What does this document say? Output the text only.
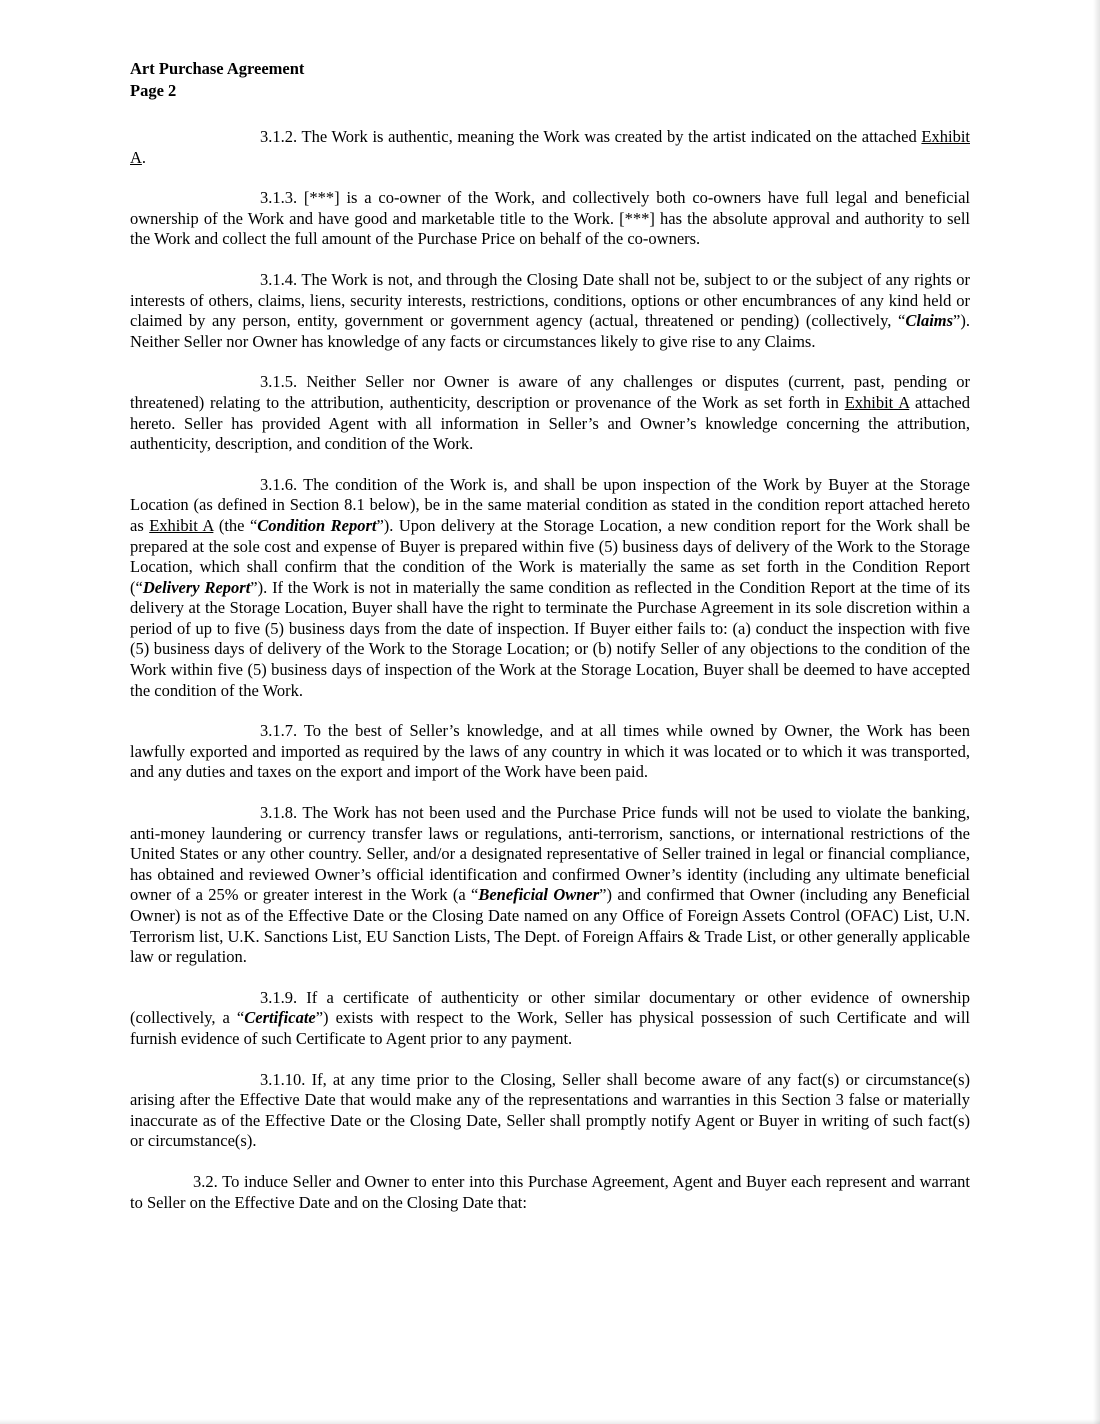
Art Purchase Agreement
Page 2

3.1.2. The Work is authentic, meaning the Work was created by the artist indicated on the attached Exhibit A.

3.1.3. [***] is a co-owner of the Work, and collectively both co-owners have full legal and beneficial ownership of the Work and have good and marketable title to the Work. [***] has the absolute approval and authority to sell the Work and collect the full amount of the Purchase Price on behalf of the co-owners.

3.1.4. The Work is not, and through the Closing Date shall not be, subject to or the subject of any rights or interests of others, claims, liens, security interests, restrictions, conditions, options or other encumbrances of any kind held or claimed by any person, entity, government or government agency (actual, threatened or pending) (collectively, “Claims”). Neither Seller nor Owner has knowledge of any facts or circumstances likely to give rise to any Claims.

3.1.5. Neither Seller nor Owner is aware of any challenges or disputes (current, past, pending or threatened) relating to the attribution, authenticity, description or provenance of the Work as set forth in Exhibit A attached hereto. Seller has provided Agent with all information in Seller’s and Owner’s knowledge concerning the attribution, authenticity, description, and condition of the Work.

3.1.6. The condition of the Work is, and shall be upon inspection of the Work by Buyer at the Storage Location (as defined in Section 8.1 below), be in the same material condition as stated in the condition report attached hereto as Exhibit A (the “Condition Report”). Upon delivery at the Storage Location, a new condition report for the Work shall be prepared at the sole cost and expense of Buyer is prepared within five (5) business days of delivery of the Work to the Storage Location, which shall confirm that the condition of the Work is materially the same as set forth in the Condition Report (“Delivery Report”). If the Work is not in materially the same condition as reflected in the Condition Report at the time of its delivery at the Storage Location, Buyer shall have the right to terminate the Purchase Agreement in its sole discretion within a period of up to five (5) business days from the date of inspection. If Buyer either fails to: (a) conduct the inspection with five (5) business days of delivery of the Work to the Storage Location; or (b) notify Seller of any objections to the condition of the Work within five (5) business days of inspection of the Work at the Storage Location, Buyer shall be deemed to have accepted the condition of the Work.

3.1.7. To the best of Seller’s knowledge, and at all times while owned by Owner, the Work has been lawfully exported and imported as required by the laws of any country in which it was located or to which it was transported, and any duties and taxes on the export and import of the Work have been paid.

3.1.8. The Work has not been used and the Purchase Price funds will not be used to violate the banking, anti-money laundering or currency transfer laws or regulations, anti-terrorism, sanctions, or international restrictions of the United States or any other country. Seller, and/or a designated representative of Seller trained in legal or financial compliance, has obtained and reviewed Owner’s official identification and confirmed Owner’s identity (including any ultimate beneficial owner of a 25% or greater interest in the Work (a “Beneficial Owner”) and confirmed that Owner (including any Beneficial Owner) is not as of the Effective Date or the Closing Date named on any Office of Foreign Assets Control (OFAC) List, U.N. Terrorism list, U.K. Sanctions List, EU Sanction Lists, The Dept. of Foreign Affairs & Trade List, or other generally applicable law or regulation.

3.1.9. If a certificate of authenticity or other similar documentary or other evidence of ownership (collectively, a “Certificate”) exists with respect to the Work, Seller has physical possession of such Certificate and will furnish evidence of such Certificate to Agent prior to any payment.

3.1.10. If, at any time prior to the Closing, Seller shall become aware of any fact(s) or circumstance(s) arising after the Effective Date that would make any of the representations and warranties in this Section 3 false or materially inaccurate as of the Effective Date or the Closing Date, Seller shall promptly notify Agent or Buyer in writing of such fact(s) or circumstance(s).

3.2. To induce Seller and Owner to enter into this Purchase Agreement, Agent and Buyer each represent and warrant to Seller on the Effective Date and on the Closing Date that:
